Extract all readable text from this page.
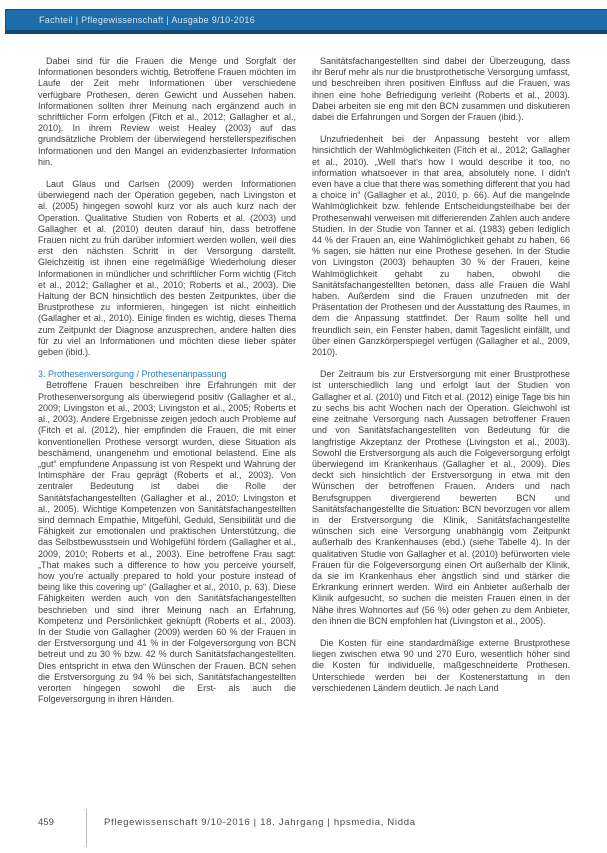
Fachteil | Pflegewissenschaft | Ausgabe 9/10-2016

Dabei sind für die Frauen die Menge und Sorgfalt der Informationen besonders wichtig. Betroffene Frauen möchten im Laufe der Zeit mehr Informationen über verschiedene verfügbare Prothesen, deren Gewicht und Aussehen haben. Informationen sollten ihrer Meinung nach ergänzend auch in schriftlicher Form erfolgen (Fitch et al., 2012; Gallagher et al., 2010). In ihrem Review weist Healey (2003) auf das grundsätzliche Problem der überwiegend herstellerspezifischen Informationen und den Mangel an evidenzbasierter Information hin.

Laut Glaus und Carlsen (2009) werden Informationen überwiegend nach der Operation gegeben, nach Livingston et al. (2005) hingegen sowohl kurz vor als auch kurz nach der Operation. Qualitative Studien von Roberts et al. (2003) und Gallagher et al. (2010) deuten darauf hin, dass betroffene Frauen nicht zu früh darüber informiert werden wollen, weil dies erst den nächsten Schritt in der Versorgung darstellt. Gleichzeitig ist ihnen eine regelmäßige Wiederholung dieser Informationen in mündlicher und schriftlicher Form wichtig (Fitch et al., 2012; Gallagher et al., 2010; Roberts et al., 2003). Die Haltung der BCN hinsichtlich des besten Zeitpunktes, über die Brustprothese zu informieren, hingegen ist nicht einheitlich (Gallagher et al., 2010). Einige finden es wichtig, dieses Thema zum Zeitpunkt der Diagnose anzusprechen, andere halten dies für zu viel an Informationen und möchten diese lieber später geben (ibid.).

3. Prothesenversorgung / Prothesenanpassung

Betroffene Frauen beschreiben ihre Erfahrungen mit der Prothesenversorgung als überwiegend positiv (Gallagher et al., 2009; Livingston et al., 2003; Livingston et al., 2005; Roberts et al., 2003). Andere Ergebnisse zeigen jedoch auch Probleme auf (Fitch et al. (2012), hier empfinden die Frauen, die mit einer konventionellen Prothese versorgt wurden, diese Situation als beschämend, unangenehm und emotional belastend. Eine als „gut“ empfundene Anpassung ist von Respekt und Wahrung der Intimsphäre der Frau geprägt (Roberts et al., 2003). Von zentraler Bedeutung ist dabei die Rolle der Sanitätsfachangestellten (Gallagher et al., 2010; Livingston et al., 2005). Wichtige Kompetenzen von Sanitätsfachangestellten sind demnach Empathie, Mitgefühl, Geduld, Sensibilität und die Fähigkeit zur emotionalen und praktischen Unterstützung, die das Selbstbewusstsein und Wohlgefühl fördern (Gallagher et al., 2009, 2010; Roberts et al., 2003). Eine betroffene Frau sagt: „That makes such a difference to how you perceive yourself, how you're actually prepared to hold your posture instead of being like this covering up“ (Gallagher et al., 2010, p. 63). Diese Fähigkeiten werden auch von den Sanitätsfachangestellten beschrieben und sind ihrer Meinung nach an Erfahrung, Kompetenz und Persönlichkeit geknüpft (Roberts et al., 2003). In der Studie von Gallagher (2009) werden 60 % der Frauen in der Erstversorgung und 41 % in der Folgeversorgung von BCN betreut und zu 30 % bzw. 42 % durch Sanitätsfachangestellten. Dies entspricht in etwa den Wünschen der Frauen. BCN sehen die Erstversorgung zu 94 % bei sich, Sanitätsfachangestellten verorten hingegen sowohl die Erst- als auch die Folgeversorgung in ihren Händen.

Sanitätsfachangestellten sind dabei der Überzeugung, dass ihr Beruf mehr als nur die brustprothetische Versorgung umfasst, und beschreiben ihren positiven Einfluss auf die Frauen, was ihnen eine hohe Befriedigung verleiht (Roberts et al., 2003). Dabei arbeiten sie eng mit den BCN zusammen und diskutieren dabei die Erfahrungen und Sorgen der Frauen (ibid.).

Unzufriedenheit bei der Anpassung besteht vor allem hinsichtlich der Wahlmöglichkeiten (Fitch et al., 2012; Gallagher et al., 2010). „Well that's how I would describe it too, no information whatsoever in that area, absolutely none. I didn't even have a clue that there was something different that you had a choice in“ (Gallagher et al., 2010, p. 66). Auf die mangelnde Wahlmöglichkeit bzw. fehlende Entscheidungsteilhabe bei der Prothesenwahl verweisen mit differierenden Zahlen auch andere Studien. In der Studie von Tanner et al. (1983) geben lediglich 44 % der Frauen an, eine Wahlmöglichkeit gehabt zu haben, 66 % sagen, sie hätten nur eine Prothese gesehen. In der Studie von Livingston (2003) behaupten 30 % der Frauen, keine Wahlmöglichkeit gehabt zu haben, obwohl die Sanitätsfachangestellten betonen, dass alle Frauen die Wahl haben. Außerdem sind die Frauen unzufrieden mit der Präsentation der Prothesen und der Ausstattung des Raumes, in dem die Anpassung stattfindet. Der Raum sollte hell und freundlich sein, ein Fenster haben, damit Tageslicht einfällt, und über einen Ganzkörperspiegel verfügen (Gallagher et al., 2009, 2010).

Der Zeitraum bis zur Erstversorgung mit einer Brustprothese ist unterschiedlich lang und erfolgt laut der Studien von Gallagher et al. (2010) und Fitch et al. (2012) einige Tage bis hin zu sechs bis acht Wochen nach der Operation. Gleichwohl ist eine zeitnahe Versorgung nach Aussagen betroffener Frauen und von Sanitätsfachangestellten von Bedeutung für die langfristige Akzeptanz der Prothese (Livingston et al., 2003). Sowohl die Erstversorgung als auch die Folgeversorgung erfolgt überwiegend im Krankenhaus (Gallagher et al., 2009). Dies deckt sich hinsichtlich der Erstversorgung in etwa mit den Wünschen der betroffenen Frauen. Anders und nach Berufsgruppen divergierend bewerten BCN und Sanitätsfachangestellte die Situation: BCN bevorzugen vor allem in der Erstversorgung die Klinik, Sanitätsfachangestellte wünschen sich eine Versorgung unabhängig vom Zeitpunkt außerhalb des Krankenhauses (ebd.) (siehe Tabelle 4). In der qualitativen Studie von Gallagher et al. (2010) befürworten viele Frauen für die Folgeversorgung einen Ort außerhalb der Klinik, da sie im Krankenhaus eher ängstlich sind und stärker die Erkrankung erinnert werden. Wird ein Anbieter außerhalb der Klinik aufgesucht, so suchen die meisten Frauen einen in der Nähe ihres Wohnortes auf (56 %) oder gehen zu dem Anbieter, den ihnen die BCN empfohlen hat (Livingston et al., 2005).

Die Kosten für eine standardmäßige externe Brustprothese liegen zwischen etwa 90 und 270 Euro, wesentlich höher sind die Kosten für individuelle, maßgeschneiderte Prothesen. Unterschiede werden bei der Kostenerstattung in den verschiedenen Ländern deutlich. Je nach Land

459	Pflegewissenschaft 9/10-2016 | 18. Jahrgang | hpsmedia, Nidda
